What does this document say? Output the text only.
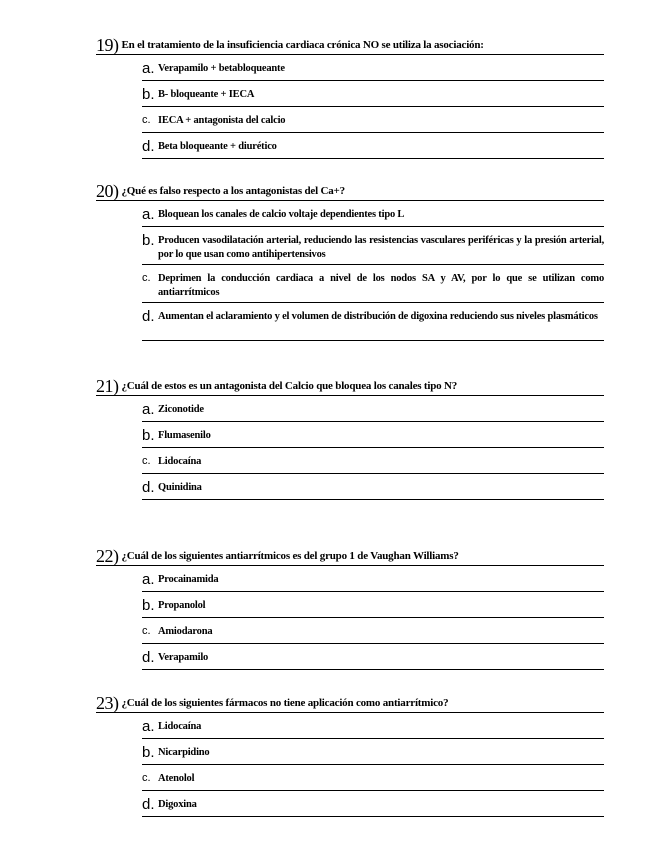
19) En el tratamiento de la insuficiencia cardiaca crónica NO se utiliza la asociación:
a. Verapamilo + betabloqueante
b. B- bloqueante + IECA
c. IECA + antagonista del calcio
d. Beta bloqueante + diurético
20) ¿Qué es falso respecto a los antagonistas del Ca+?
a. Bloquean los canales de calcio voltaje dependientes tipo L
b. Producen vasodilatación arterial, reduciendo las resistencias vasculares periféricas y la presión arterial, por lo que usan como antihipertensivos
c. Deprimen la conducción cardiaca a nivel de los nodos SA y AV, por lo que se utilizan como antiarrítmicos
d. Aumentan el aclaramiento y el volumen de distribución de digoxina reduciendo sus niveles plasmáticos
21) ¿Cuál de estos es un antagonista del Calcio que bloquea los canales tipo N?
a. Ziconotide
b. Flumasenilo
c. Lidocaína
d. Quinidina
22) ¿Cuál de los siguientes antiarrítmicos es del grupo 1 de Vaughan Williams?
a. Procainamida
b. Propanolol
c. Amiodarona
d. Verapamilo
23) ¿Cuál de los siguientes fármacos no tiene aplicación como antiarrítmico?
a. Lidocaína
b. Nicarpidino
c. Atenolol
d. Digoxina
